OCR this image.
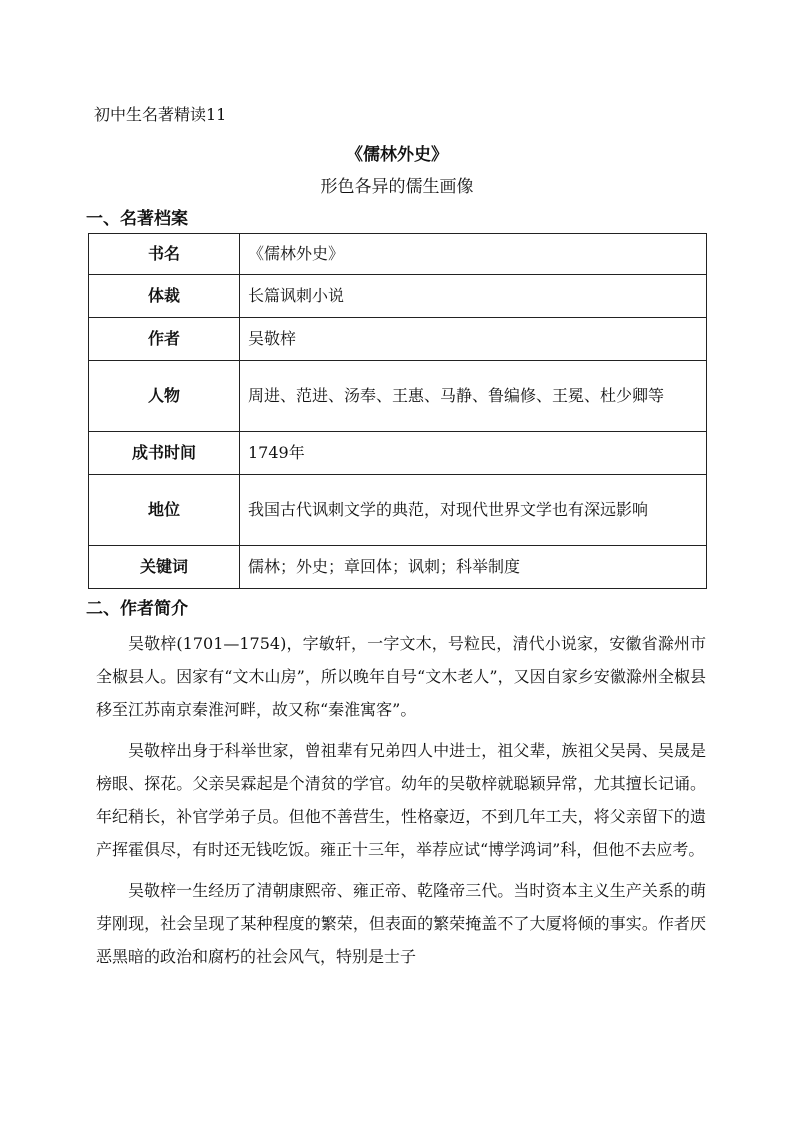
初中生名著精读11
《儒林外史》
形色各异的儒生画像
一、名著档案
书名	《儒林外史》
体裁	长篇讽刺小说
作者	吴敬梓
人物	周进、范进、汤奉、王惠、马静、鲁编修、王冕、杜少卿等
成书时间	1749年
地位	我国古代讽刺文学的典范，对现代世界文学也有深远影响
关键词	儒林；外史；章回体；讽刺；科举制度
二、作者简介

吴敬梓(1701—1754)，字敏轩，一字文木，号粒民，清代小说家，安徽省滁州市全椒县人。因家有“文木山房”，所以晚年自号“文木老人”，又因自家乡安徽滁州全椒县移至江苏南京秦淮河畔，故又称“秦淮寓客”。

吴敬梓出身于科举世家，曾祖辈有兄弟四人中进士，祖父辈，族祖父吴昺、吴晟是榜眼、探花。父亲吴霖起是个清贫的学官。幼年的吴敬梓就聪颖异常，尤其擅长记诵。年纪稍长，补官学弟子员。但他不善营生，性格豪迈，不到几年工夫，将父亲留下的遗产挥霍俱尽，有时还无钱吃饭。雍正十三年，举荐应试“博学鸿词”科，但他不去应考。

吴敬梓一生经历了清朝康熙帝、雍正帝、乾隆帝三代。当时资本主义生产关系的萌芽刚现，社会呈现了某种程度的繁荣，但表面的繁荣掩盖不了大厦将倾的事实。作者厌恶黑暗的政治和腐朽的社会风气，特别是士子
